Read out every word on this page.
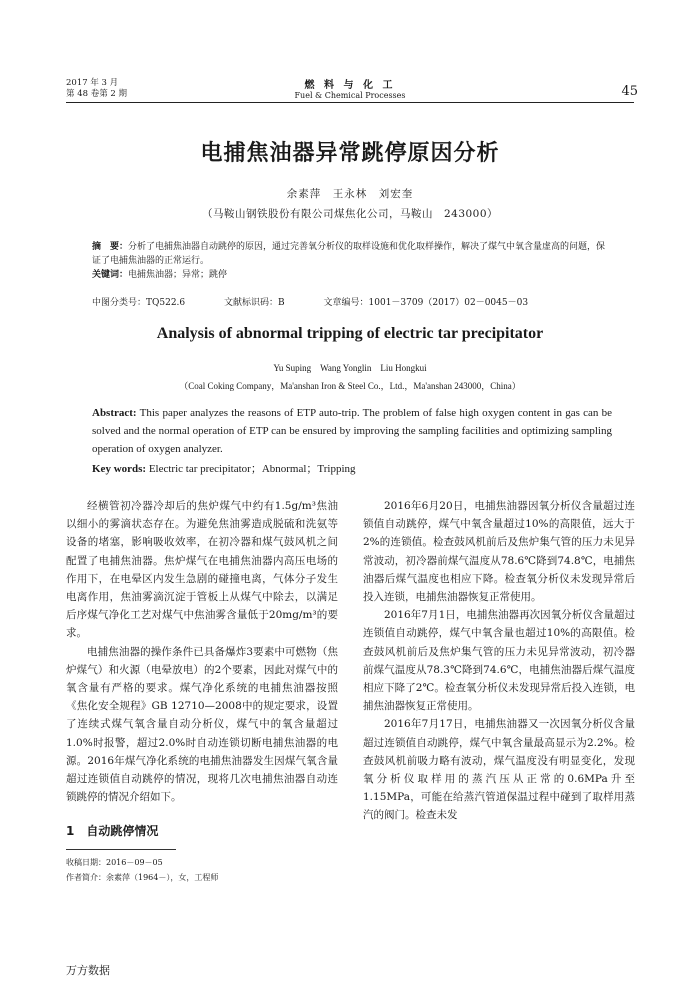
2017 年 3 月
第 48 卷第 2 期
燃 料 与 化 工
Fuel & Chemical Processes	45
电捕焦油器异常跳停原因分析
余素萍　王永林　刘宏奎
（马鞍山钢铁股份有限公司煤焦化公司，马鞍山　243000）
摘　要：分析了电捕焦油器自动跳停的原因，通过完善氧分析仪的取样设施和优化取样操作，解决了煤气中氧含量虚高的问题，保证了电捕焦油器的正常运行。
关键词：电捕焦油器；异常；跳停
中图分类号：TQ522.6	文献标识码：B	文章编号：1001－3709（2017）02－0045－03
Analysis of abnormal tripping of electric tar precipitator
Yu Suping　Wang Yonglin　Liu Hongkui
（Coal Coking Company，Ma'anshan Iron & Steel Co.，Ltd.，Ma'anshan 243000，China）
Abstract: This paper analyzes the reasons of ETP auto-trip. The problem of false high oxygen content in gas can be solved and the normal operation of ETP can be ensured by improving the sampling facilities and optimizing sampling operation of oxygen analyzer.
Key words: Electric tar precipitator；Abnormal；Tripping

经横管初冷器冷却后的焦炉煤气中约有1.5g/m³焦油以细小的雾滴状态存在。为避免焦油雾造成脱硫和洗氨等设备的堵塞，影响吸收效率，在初冷器和煤气鼓风机之间配置了电捕焦油器。焦炉煤气在电捕焦油器内高压电场的作用下，在电晕区内发生急剧的碰撞电离，气体分子发生电离作用，焦油雾滴沉淀于管板上从煤气中除去，以满足后序煤气净化工艺对煤气中焦油雾含量低于20mg/m³的要求。

电捕焦油器的操作条件已具备爆炸3要素中可燃物（焦炉煤气）和火源（电晕放电）的2个要素，因此对煤气中的氧含量有严格的要求。煤气净化系统的电捕焦油器按照《焦化安全规程》GB 12710—2008中的规定要求，设置了连续式煤气氧含量自动分析仪，煤气中的氧含量超过1.0%时报警，超过2.0%时自动连锁切断电捕焦油器的电源。2016年煤气净化系统的电捕焦油器发生因煤气氧含量超过连锁值自动跳停的情况，现将几次电捕焦油器自动连锁跳停的情况介绍如下。

1　自动跳停情况

2016年6月20日，电捕焦油器因氧分析仪含量超过连锁值自动跳停，煤气中氧含量超过10%的高限值，远大于2%的连锁值。检查鼓风机前后及焦炉集气管的压力未见异常波动，初冷器前煤气温度从78.6℃降到74.8℃，电捕焦油器后煤气温度也相应下降。检查氧分析仪未发现异常后投入连锁，电捕焦油器恢复正常使用。

2016年7月1日，电捕焦油器再次因氧分析仪含量超过连锁值自动跳停，煤气中氧含量也超过10%的高限值。检查鼓风机前后及焦炉集气管的压力未见异常波动，初冷器前煤气温度从78.3℃降到74.6℃，电捕焦油器后煤气温度相应下降了2℃。检查氧分析仪未发现异常后投入连锁，电捕焦油器恢复正常使用。

2016年7月17日，电捕焦油器又一次因氧分析仪含量超过连锁值自动跳停，煤气中氧含量最高显示为2.2%。检查鼓风机前吸力略有波动，煤气温度没有明显变化，发现氧分析仪取样用的蒸汽压从正常的0.6MPa升至1.15MPa，可能在给蒸汽管道保温过程中碰到了取样用蒸汽的阀门。检查未发

收稿日期：2016－09－05
作者简介：余素萍（1964－），女，工程师
万方数据
